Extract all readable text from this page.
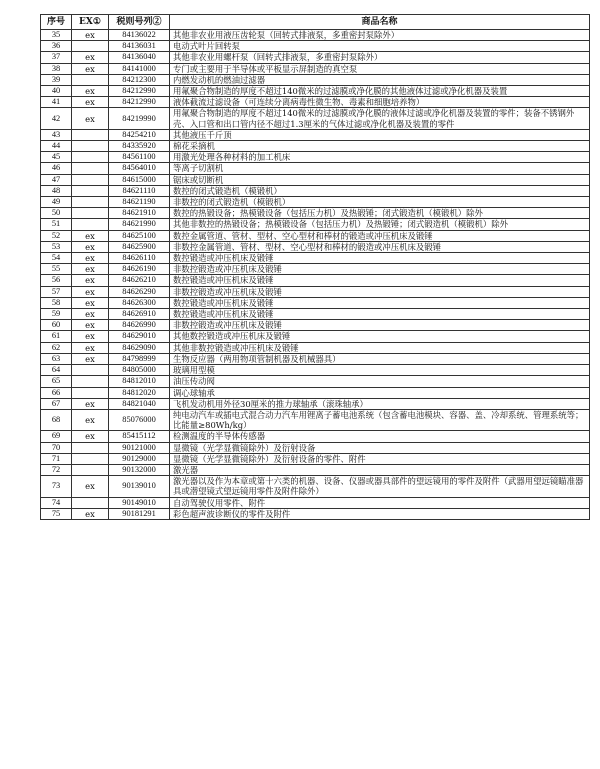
序号	EX①	税则号列②	商品名称
35	ex	84136022	其他非农业用液压齿轮泵（回转式排液泵，多重密封泵除外）
36		84136031	电动式叶片回转泵
37	ex	84136040	其他非农业用螺杆泵（回转式排液泵，多重密封泵除外）
38	ex	84141000	专门或主要用于半导体或平板显示屏制造的真空泵
39		84212300	内燃发动机的燃油过滤器
40	ex	84212990	用氟聚合物制造的厚度不超过140微米的过滤膜或净化膜的其他液体过滤或净化机器及装置
41	ex	84212990	液体截流过滤设备（可连续分离病毒性微生物、毒素和细胞培养物）
42	ex	84219990	用氟聚合物制造的厚度不超过140微米的过滤膜或净化膜的液体过滤或净化机器及装置的零件；装备不锈钢外壳、入口管和出口管内径不超过1.3厘米的气体过滤或净化机器及装置的零件
43		84254210	其他液压千斤顶
44		84335920	棉花采摘机
45		84561100	用激光处理各种材料的加工机床
46		84564010	等离子切割机
47		84615000	锯床或切断机
48		84621110	数控的闭式锻造机（模锻机）
49		84621190	非数控的闭式锻造机（模锻机）
50		84621910	数控的热锻设备；热模锻设备（包括压力机）及热锻锤；闭式锻造机（模锻机）除外
51		84621990	其他非数控的热锻设备；热模锻设备（包括压力机）及热锻锤；闭式锻造机（模锻机）除外
52	ex	84625100	数控金属管道、管材、型材、空心型材和棒材的锻造或冲压机床及锻锤
53	ex	84625900	非数控金属管道、管材、型材、空心型材和棒材的锻造或冲压机床及锻锤
54	ex	84626110	数控锻造或冲压机床及锻锤
55	ex	84626190	非数控锻造或冲压机床及锻锤
56	ex	84626210	数控锻造或冲压机床及锻锤
57	ex	84626290	非数控锻造或冲压机床及锻锤
58	ex	84626300	数控锻造或冲压机床及锻锤
59	ex	84626910	数控锻造或冲压机床及锻锤
60	ex	84626990	非数控锻造或冲压机床及锻锤
61	ex	84629010	其他数控锻造或冲压机床及锻锤
62	ex	84629090	其他非数控锻造或冲压机床及锻锤
63	ex	84798999	生物反应器（两用物项管制机器及机械器具）
64		84805000	玻璃用型模
65		84812010	油压传动阀
66		84812020	调心球轴承
67	ex	84821040	飞机发动机用外径30厘米的推力球轴承（滚珠轴承）
68	ex	85076000	纯电动汽车或插电式混合动力汽车用锂离子蓄电池系统（包含蓄电池模块、容器、盖、冷却系统、管理系统等；比能量≥80Wh/kg）
69	ex	85415112	检测温度的半导体传感器
70		90121000	显微镜（光学显微镜除外）及衍射设备
71		90129000	显微镜（光学显微镜除外）及衍射设备的零件、附件
72		90132000	激光器
73	ex	90139010	激光器以及作为本章或第十六类的机器、设备、仪器或器具部件的望远镜用的零件及附件（武器用望远镜瞄准器具或潜望镜式望远镜用零件及附件除外）
74		90149010	自动驾驶仪用零件、附件
75	ex	90181291	彩色超声波诊断仪的零件及附件
